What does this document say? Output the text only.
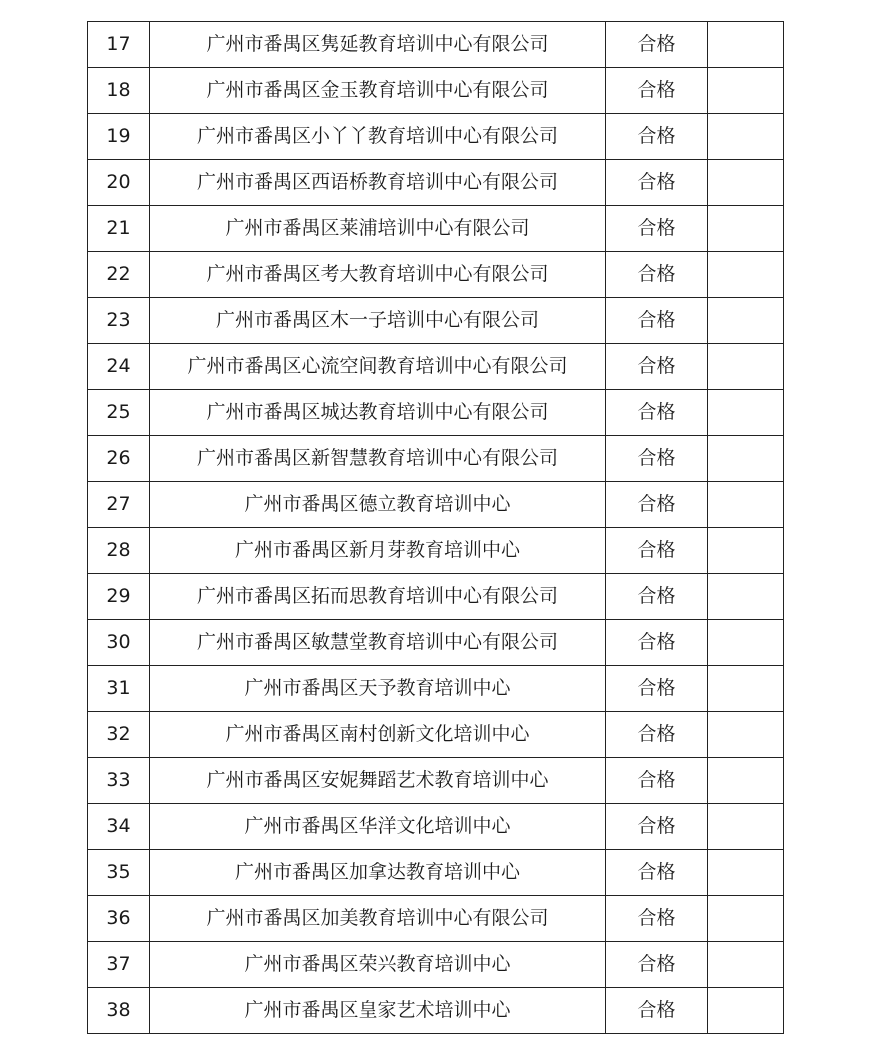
17	广州市番禺区隽延教育培训中心有限公司	合格	
18	广州市番禺区金玉教育培训中心有限公司	合格	
19	广州市番禺区小丫丫教育培训中心有限公司	合格	
20	广州市番禺区西语桥教育培训中心有限公司	合格	
21	广州市番禺区莱浦培训中心有限公司	合格	
22	广州市番禺区考大教育培训中心有限公司	合格	
23	广州市番禺区木一子培训中心有限公司	合格	
24	广州市番禺区心流空间教育培训中心有限公司	合格	
25	广州市番禺区城达教育培训中心有限公司	合格	
26	广州市番禺区新智慧教育培训中心有限公司	合格	
27	广州市番禺区德立教育培训中心	合格	
28	广州市番禺区新月芽教育培训中心	合格	
29	广州市番禺区拓而思教育培训中心有限公司	合格	
30	广州市番禺区敏慧堂教育培训中心有限公司	合格	
31	广州市番禺区天予教育培训中心	合格	
32	广州市番禺区南村创新文化培训中心	合格	
33	广州市番禺区安妮舞蹈艺术教育培训中心	合格	
34	广州市番禺区华洋文化培训中心	合格	
35	广州市番禺区加拿达教育培训中心	合格	
36	广州市番禺区加美教育培训中心有限公司	合格	
37	广州市番禺区荣兴教育培训中心	合格	
38	广州市番禺区皇家艺术培训中心	合格	
